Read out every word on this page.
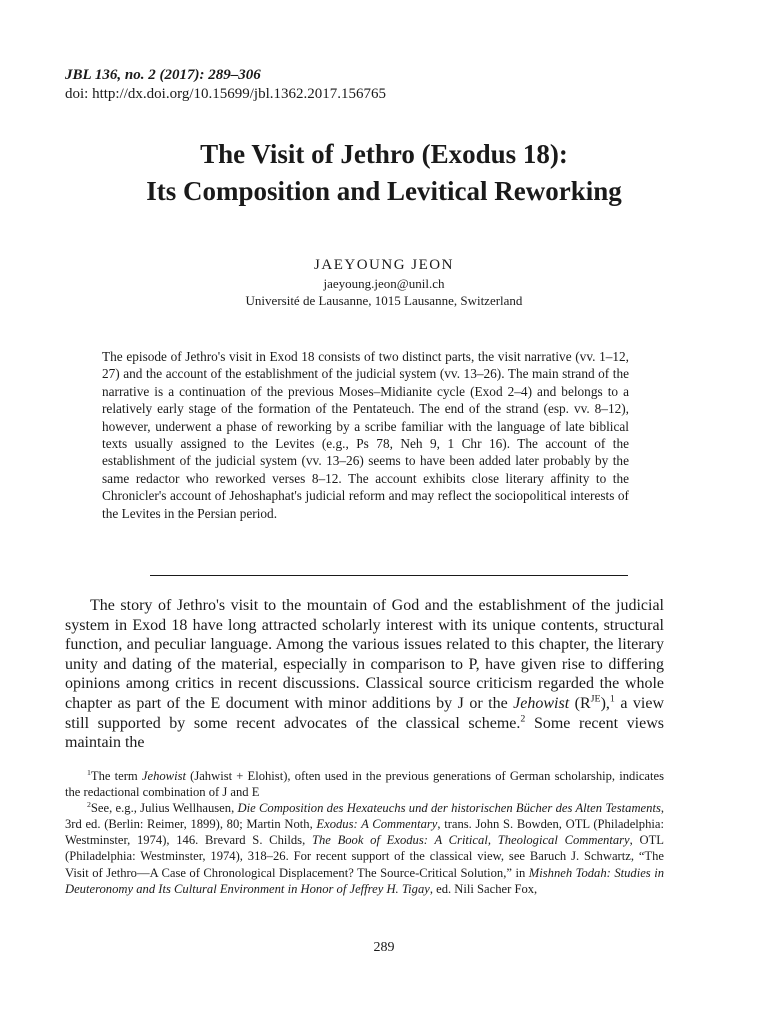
JBL 136, no. 2 (2017): 289–306
doi: http://dx.doi.org/10.15699/jbl.1362.2017.156765
The Visit of Jethro (Exodus 18):
Its Composition and Levitical Reworking
JAEYOUNG JEON
jaeyoung.jeon@unil.ch
Université de Lausanne, 1015 Lausanne, Switzerland
The episode of Jethro's visit in Exod 18 consists of two distinct parts, the visit narrative (vv. 1–12, 27) and the account of the establishment of the judicial system (vv. 13–26). The main strand of the narrative is a continuation of the previous Moses–Midianite cycle (Exod 2–4) and belongs to a relatively early stage of the formation of the Pentateuch. The end of the strand (esp. vv. 8–12), however, underwent a phase of reworking by a scribe familiar with the language of late biblical texts usually assigned to the Levites (e.g., Ps 78, Neh 9, 1 Chr 16). The account of the establishment of the judicial system (vv. 13–26) seems to have been added later probably by the same redactor who reworked verses 8–12. The account exhibits close literary affinity to the Chronicler's account of Jehoshaphat's judicial reform and may reflect the sociopolitical interests of the Levites in the Persian period.

The story of Jethro's visit to the mountain of God and the establishment of the judicial system in Exod 18 have long attracted scholarly interest with its unique contents, structural function, and peculiar language. Among the various issues related to this chapter, the literary unity and dating of the material, especially in comparison to P, have given rise to differing opinions among critics in recent discussions. Classical source criticism regarded the whole chapter as part of the E document with minor additions by J or the Jehowist $(R^{JE}),^1$ a view still supported by some recent advocates of the classical scheme.$^2$ Some recent views maintain the

$^1$The term Jehowist (Jahwist + Elohist), often used in the previous generations of German scholarship, indicates the redactional combination of J and E

$^2$See, e.g., Julius Wellhausen, Die Composition des Hexateuchs und der historischen Bücher des Alten Testaments, 3rd ed. (Berlin: Reimer, 1899), 80; Martin Noth, Exodus: A Commentary, trans. John S. Bowden, OTL (Philadelphia: Westminster, 1974), 146. Brevard S. Childs, The Book of Exodus: A Critical, Theological Commentary, OTL (Philadelphia: Westminster, 1974), 318–26. For recent support of the classical view, see Baruch J. Schwartz, “The Visit of Jethro—A Case of Chronological Displacement? The Source-Critical Solution,” in Mishneh Todah: Studies in Deuteronomy and Its Cultural Environment in Honor of Jeffrey H. Tigay, ed. Nili Sacher Fox,

289
